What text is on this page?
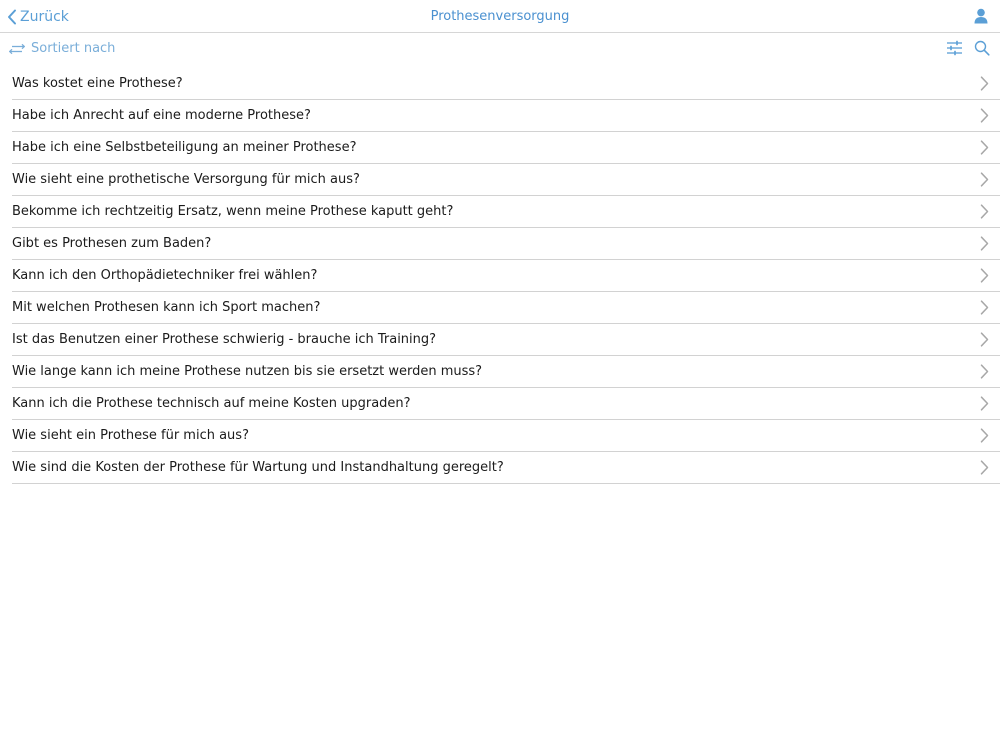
Zurück	Prothesenversorgung
Sortiert nach
Was kostet eine Prothese?
Habe ich Anrecht auf eine moderne Prothese?
Habe ich eine Selbstbeteiligung an meiner Prothese?
Wie sieht eine prothetische Versorgung für mich aus?
Bekomme ich rechtzeitig Ersatz, wenn meine Prothese kaputt geht?
Gibt es Prothesen zum Baden?
Kann ich den Orthopädietechniker frei wählen?
Mit welchen Prothesen kann ich Sport machen?
Ist das Benutzen einer Prothese schwierig - brauche ich Training?
Wie lange kann ich meine Prothese nutzen bis sie ersetzt werden muss?
Kann ich die Prothese technisch auf meine Kosten upgraden?
Wie sieht ein Prothese für mich aus?
Wie sind die Kosten der Prothese für Wartung und Instandhaltung geregelt?
